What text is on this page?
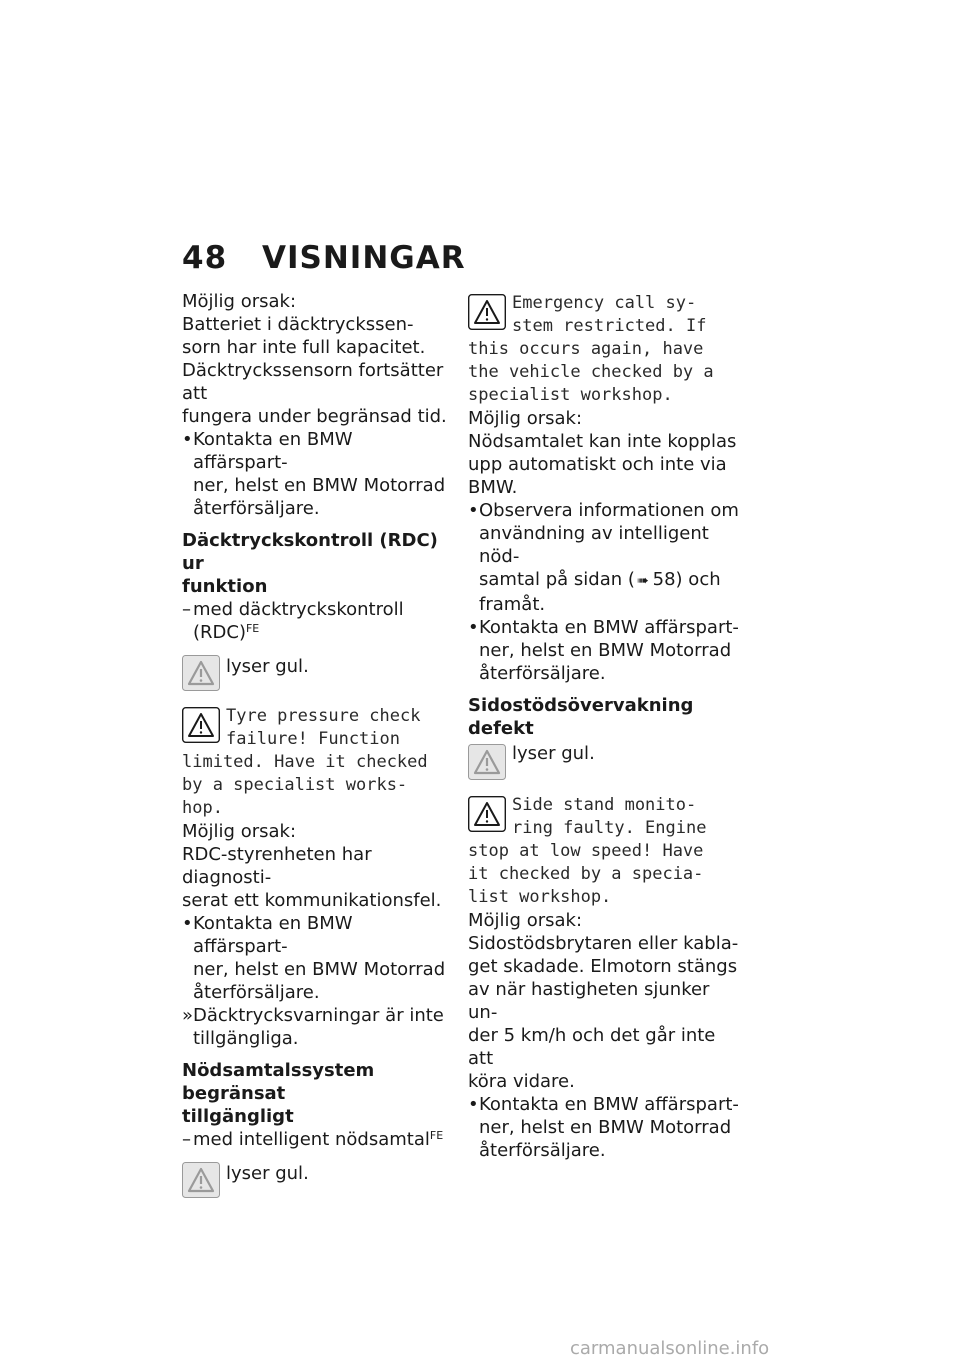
48 VISNINGAR

Möjlig orsak:

Batteriet i däcktryckssen-

sorn har inte full kapacitet.

Däcktryckssensorn fortsätter att

fungera under begränsad tid.

• Kontakta en BMW affärspart-
ner, helst en BMW Motorrad
återförsäljare.

Däcktryckskontroll (RDC) ur
funktion

– med däcktryckskontroll
(RDC)$^{FE}$
lyser gul.

Tyre pressure check

failure! Function

limited. Have it checked

by a specialist works-

hop.

Möjlig orsak:

RDC-styrenheten har diagnosti-

serat ett kommunikationsfel.

• Kontakta en BMW affärspart-
ner, helst en BMW Motorrad
återförsäljare.
» Däcktrycksvarningar är inte
tillgängliga.

Nödsamtalssystem begränsat
tillgängligt

– med intelligent nödsamtal$^{FE}$
lyser gul.

Emergency call sy-

stem restricted. If

this occurs again, have

the vehicle checked by a

specialist workshop.

Möjlig orsak:

Nödsamtalet kan inte kopplas

upp automatiskt och inte via

BMW.

• Observera informationen om
användning av intelligent nöd-
samtal på sidan ( ➠ 58) och
framåt.
• Kontakta en BMW affärspart-
ner, helst en BMW Motorrad
återförsäljare.

Sidostödsövervakning defekt

lyser gul.

Side stand monito-

ring faulty. Engine

stop at low speed! Have

it checked by a specia-

list workshop.

Möjlig orsak:

Sidostödsbrytaren eller kabla-

get skadade. Elmotorn stängs

av när hastigheten sjunker un-

der 5 km/h och det går inte att

köra vidare.

• Kontakta en BMW affärspart-
ner, helst en BMW Motorrad
återförsäljare.
carmanualsonline.info
